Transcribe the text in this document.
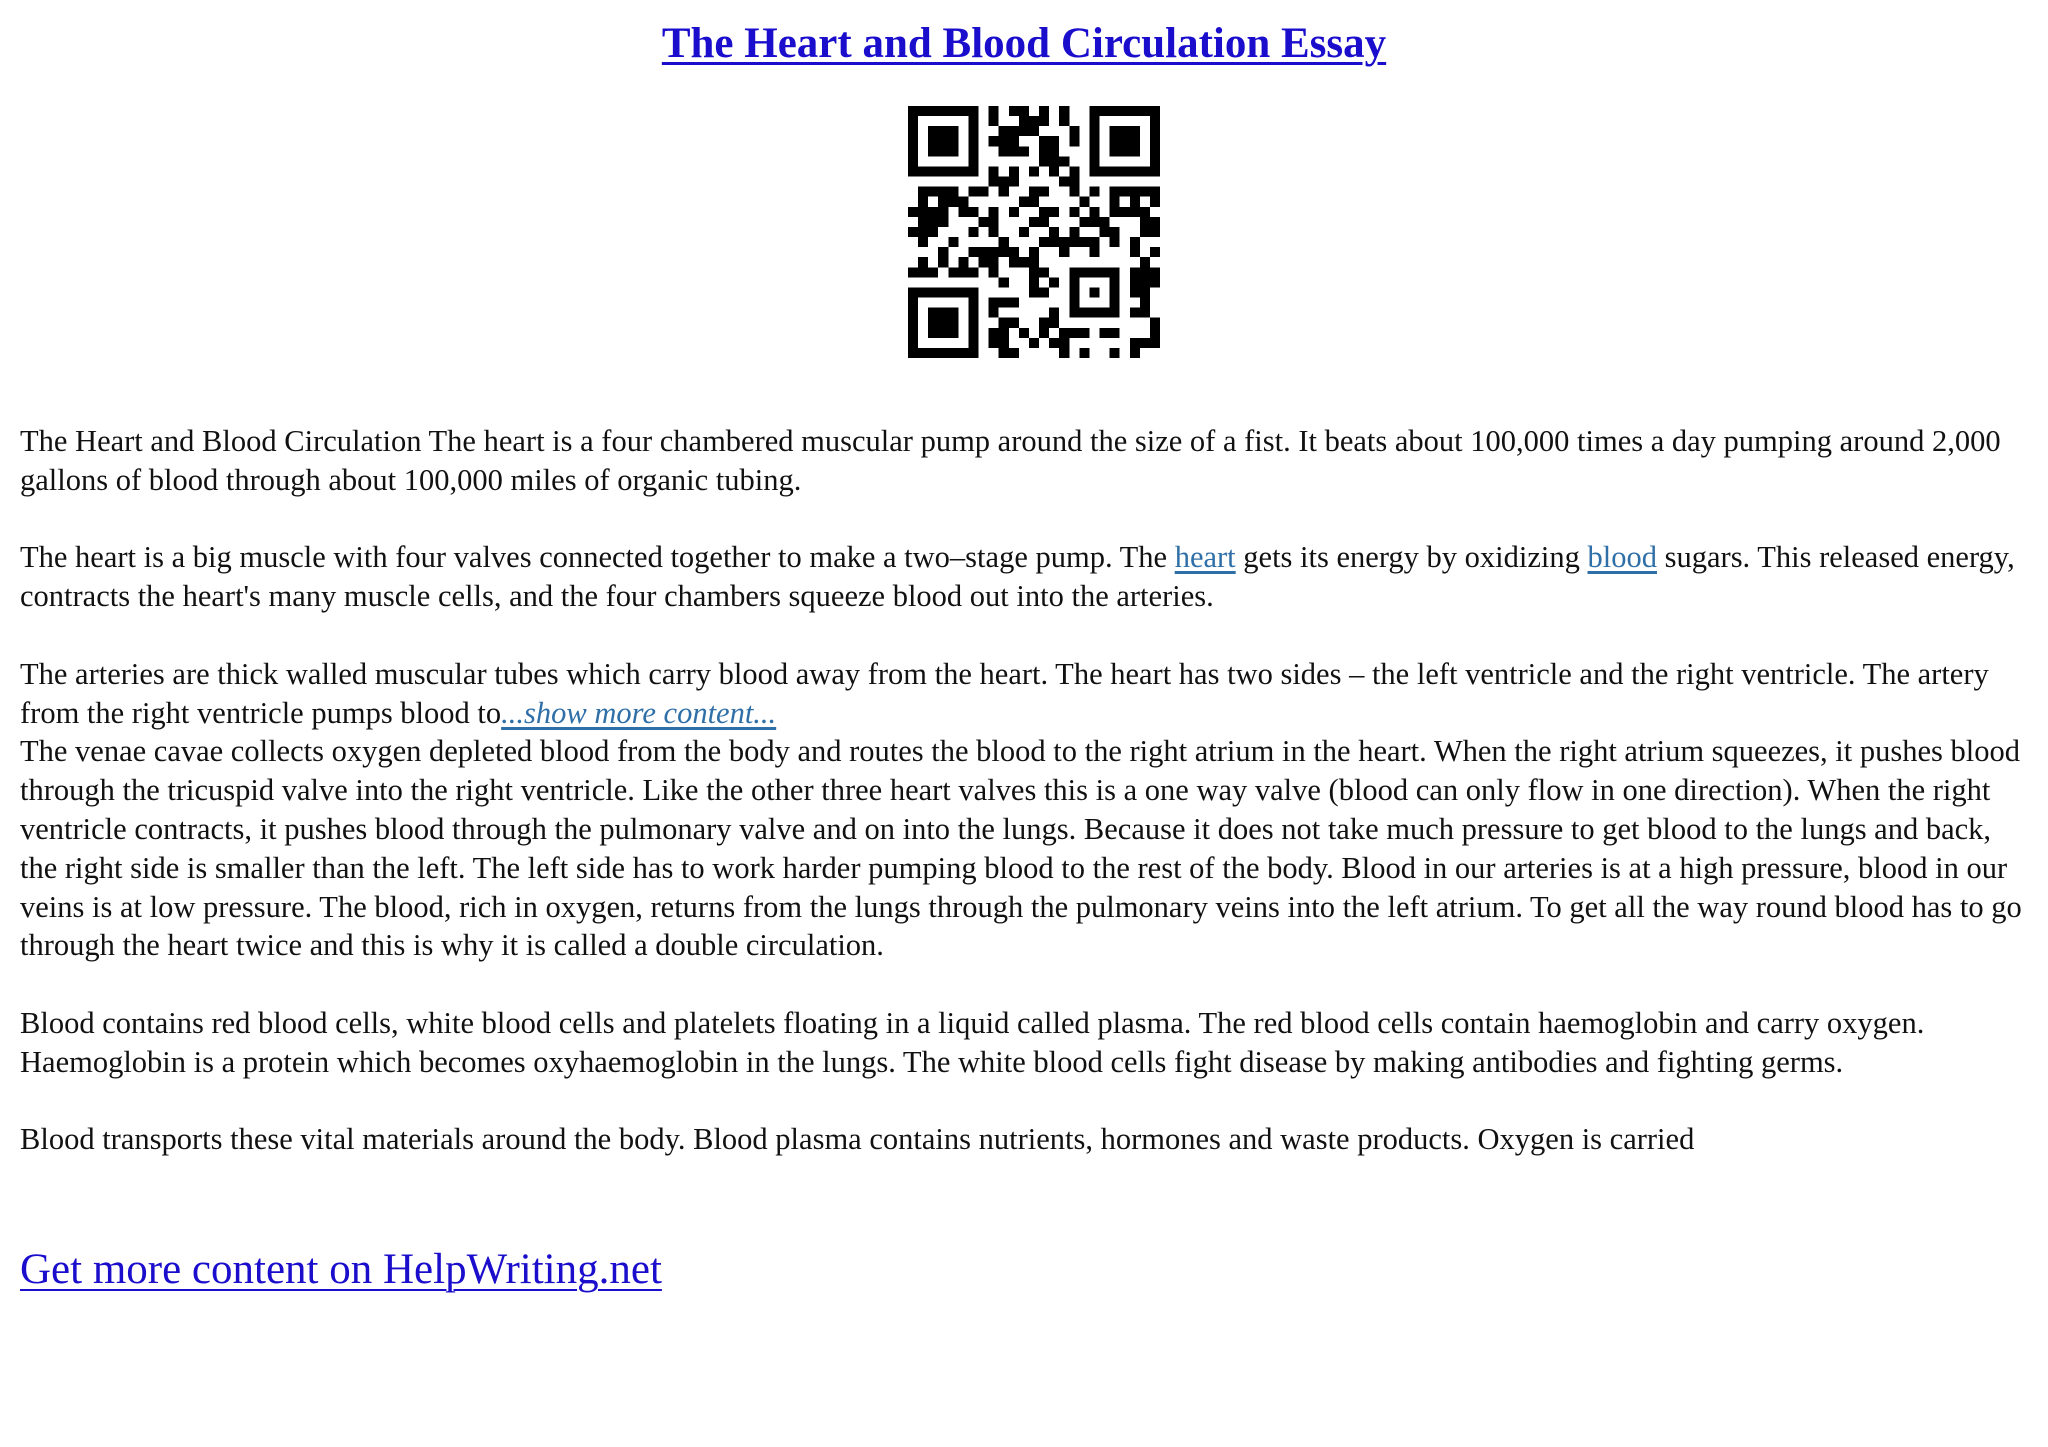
The Heart and Blood Circulation Essay

The Heart and Blood Circulation The heart is a four chambered muscular pump around the size of a fist. It beats about 100,000 times a day pumping around 2,000 gallons of blood through about 100,000 miles of organic tubing.

The heart is a big muscle with four valves connected together to make a two–stage pump. The heart gets its energy by oxidizing blood sugars. This released energy, contracts the heart's many muscle cells, and the four chambers squeeze blood out into the arteries.

The arteries are thick walled muscular tubes which carry blood away from the heart. The heart has two sides – the left ventricle and the right ventricle. The artery from the right ventricle pumps blood to...show more content...

The venae cavae collects oxygen depleted blood from the body and routes the blood to the right atrium in the heart. When the right atrium squeezes, it pushes blood through the tricuspid valve into the right ventricle. Like the other three heart valves this is a one way valve (blood can only flow in one direction). When the right ventricle contracts, it pushes blood through the pulmonary valve and on into the lungs. Because it does not take much pressure to get blood to the lungs and back, the right side is smaller than the left. The left side has to work harder pumping blood to the rest of the body. Blood in our arteries is at a high pressure, blood in our veins is at low pressure. The blood, rich in oxygen, returns from the lungs through the pulmonary veins into the left atrium. To get all the way round blood has to go through the heart twice and this is why it is called a double circulation.

Blood contains red blood cells, white blood cells and platelets floating in a liquid called plasma. The red blood cells contain haemoglobin and carry oxygen. Haemoglobin is a protein which becomes oxyhaemoglobin in the lungs. The white blood cells fight disease by making antibodies and fighting germs.

Blood transports these vital materials around the body. Blood plasma contains nutrients, hormones and waste products. Oxygen is carried

Get more content on HelpWriting.net
